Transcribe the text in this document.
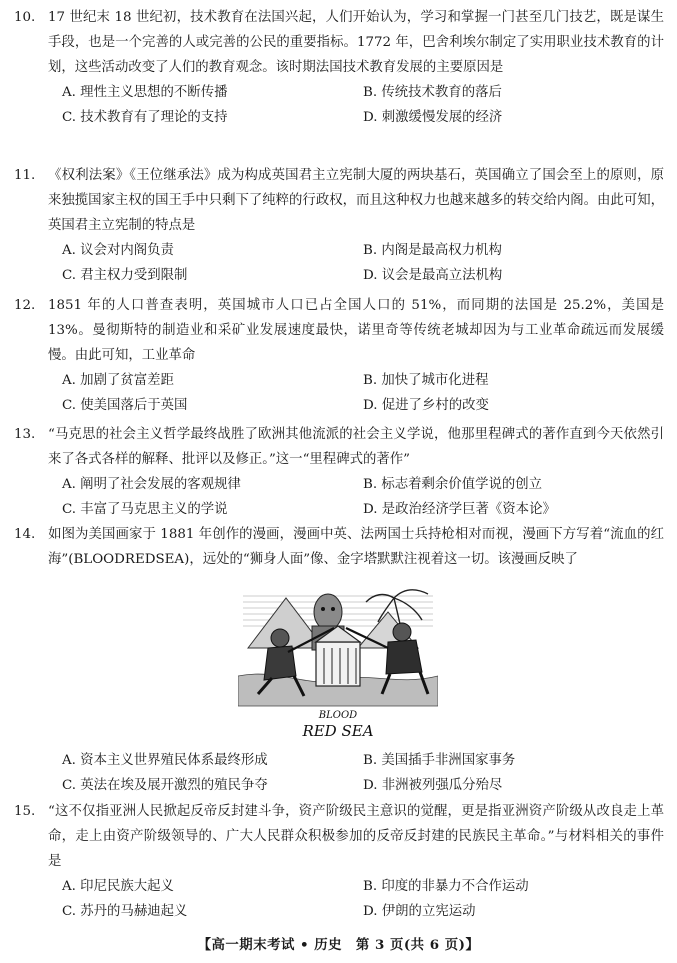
10. 17 世纪末 18 世纪初，技术教育在法国兴起，人们开始认为，学习和掌握一门甚至几门技艺，既是谋生手段，也是一个完善的人或完善的公民的重要指标。1772 年，巴舍利埃尔制定了实用职业技术教育的计划，这些活动改变了人们的教育观念。该时期法国技术教育发展的主要原因是

A. 理性主义思想的不断传播	B. 传统技术教育的落后
C. 技术教育有了理论的支持	D. 刺激缓慢发展的经济

11. 《权利法案》《王位继承法》成为构成英国君主立宪制大厦的两块基石，英国确立了国会至上的原则，原来独揽国家主权的国王手中只剩下了纯粹的行政权，而且这种权力也越来越多的转交给内阁。由此可知，英国君主立宪制的特点是

A. 议会对内阁负责	B. 内阁是最高权力机构
C. 君主权力受到限制	D. 议会是最高立法机构

12. 1851 年的人口普查表明，英国城市人口已占全国人口的 51%，而同期的法国是 25.2%，美国是 13%。曼彻斯特的制造业和采矿业发展速度最快，诺里奇等传统老城却因为与工业革命疏远而发展缓慢。由此可知，工业革命

A. 加剧了贫富差距	B. 加快了城市化进程
C. 使美国落后于英国	D. 促进了乡村的改变

13. “马克思的社会主义哲学最终战胜了欧洲其他流派的社会主义学说，他那里程碑式的著作直到今天依然引来了各式各样的解释、批评以及修正。”这一“里程碑式的著作”

A. 阐明了社会发展的客观规律	B. 标志着剩余价值学说的创立
C. 丰富了马克思主义的学说	D. 是政治经济学巨著《资本论》

14. 如图为美国画家于 1881 年创作的漫画，漫画中英、法两国士兵持枪相对而视，漫画下方写着“流血的红海”(BLOODREDSEA)，远处的“狮身人面”像、金字塔默默注视着这一切。该漫画反映了

BLOOD
RED SEA
A. 资本主义世界殖民体系最终形成	B. 美国插手非洲国家事务
C. 英法在埃及展开激烈的殖民争夺	D. 非洲被列强瓜分殆尽

15. “这不仅指亚洲人民掀起反帝反封建斗争，资产阶级民主意识的觉醒，更是指亚洲资产阶级从改良走上革命，走上由资产阶级领导的、广大人民群众积极参加的反帝反封建的民族民主革命。”与材料相关的事件是

A. 印尼民族大起义	B. 印度的非暴力不合作运动
C. 苏丹的马赫迪起义	D. 伊朗的立宪运动
【高一期末考试 • 历史　第 3 页(共 6 页)】
